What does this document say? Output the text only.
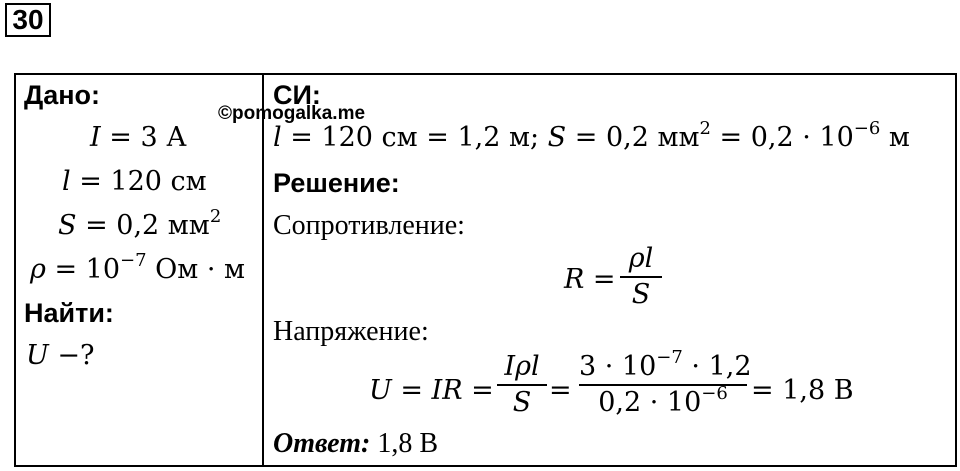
30
©pomogalka.me
Дано:
I = 3 А
l = 120 см
S = 0,2 $мм^2$
$\rho = 10^{-7}$ Ом · м
Найти:
U −?
СИ:
l = 120 см = 1,2 м; S = 0,2 $мм^2 = 0,2 \cdot 10^{-6}$ м
Решение:
Сопротивление:
R =
ρl
S
Напряжение:
U = IR =
Iρl
S =
$3 \cdot 10^{-7} \cdot 1,2$
$0,2 \cdot 10^{-6} = 1,8$ В
Ответ: 1,8 В
